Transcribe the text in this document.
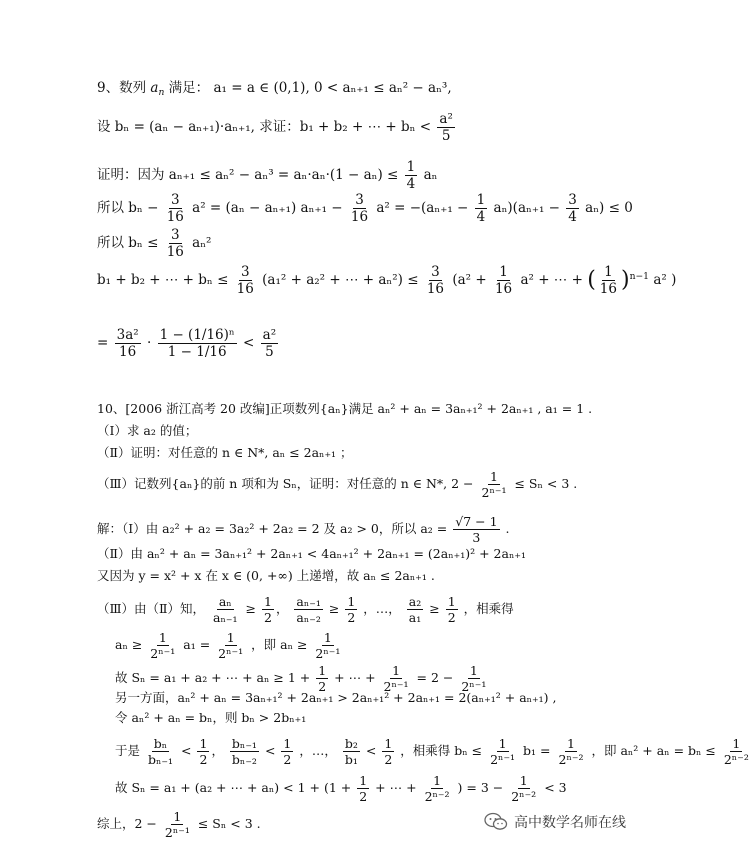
9、数列 $a_n$ 满足： a₁ = a ∈ (0,1), 0 < aₙ₊₁ ≤ aₙ² − aₙ³,
设 bₙ = (aₙ − aₙ₊₁)·aₙ₊₁, 求证：b₁ + b₂ + ⋯ + $b_n < \frac{\text{a²}}{5}$
证明：因为 $a_{n+1} \le a_n^2 - a_n^3 = a_n\cdot a_n\cdot(1 - a_n) \le \frac{1}{4}$ aₙ
所以 $b_n - \frac{3}{16} a^2 = (a_n - a_{n+1}) a_{n+1} - \frac{3}{16} a^2 = -(a_{n+1} - \frac{1}{4} a_n)(a_{n+1} - \frac{3}{4} a_n) \le 0$
所以 $b_n \le \frac{3}{16} a_n^2$
b₁ + b₂ + ⋯ + $b_n \le \frac{3}{16} (a_1^2 + a_2^2$ + ⋯ + $a_n^2) \le \frac{3}{16} (a^2 + \frac{1}{16} a^2$ + ⋯ + ( $\frac{1}{16} )^{n-1}$ a² )
= $\frac{\text{3a²}}{16} \cdot \frac{\text{1 − (1/16)ⁿ}}{1 - 1/16} < \frac{\text{a²}}{5}$
10、[2006 浙江高考 20 改编]正项数列{aₙ}满足 aₙ² + aₙ = 3aₙ₊₁² + 2aₙ₊₁ , a₁ = 1 .
（Ⅰ）求 a₂ 的值；
（Ⅱ）证明：对任意的 n ∈ N*, aₙ ≤ 2aₙ₊₁ ；
（Ⅲ）记数列{aₙ}的前 n 项和为 Sₙ，证明：对任意的 n ∈ N*, $2 - \frac{1}{\text{2ⁿ⁻¹}} \le S_n < 3$ .
解：（Ⅰ）由 a₂² + a₂ = 3a₂² + 2a₂ = 2 及 a₂ > 0，所以 $a_2 = \frac{√7 - 1}{3}$ .
（Ⅱ）由 aₙ² + aₙ = 3aₙ₊₁² + 2aₙ₊₁ < 4aₙ₊₁² + 2aₙ₊₁ = (2aₙ₊₁)² + 2aₙ₊₁
又因为 y = x² + x 在 x ∈ (0, +∞) 上递增，故 aₙ ≤ 2aₙ₊₁ .
（Ⅲ）由（Ⅱ）知， $\frac{\text{aₙ}}{\text{aₙ₋₁}} \ge \frac{1}{2}$ ， $\frac{\text{aₙ₋₁}}{\text{aₙ₋₂}} \ge \frac{1}{2}$ ，…， $\frac{\text{a₂}}{\text{a₁}} \ge \frac{1}{2}$ ，相乘得
$a_n \ge \frac{1}{\text{2ⁿ⁻¹}} a_1 = \frac{1}{\text{2ⁿ⁻¹}}$ ，即 $a_n \ge \frac{1}{\text{2ⁿ⁻¹}}$
故 Sₙ = a₁ + a₂ + ⋯ + $a_n \ge 1 + \frac{1}{2}$ + ⋯ + $\frac{1}{\text{2ⁿ⁻¹}} = 2 - \frac{1}{\text{2ⁿ⁻¹}}$
另一方面，aₙ² + aₙ = 3aₙ₊₁² + 2aₙ₊₁ > 2aₙ₊₁² + 2aₙ₊₁ = 2(aₙ₊₁² + aₙ₊₁) ,
令 aₙ² + aₙ = bₙ，则 bₙ > 2bₙ₊₁
于是 $\frac{\text{bₙ}}{\text{bₙ₋₁}} < \frac{1}{2}$ ， $\frac{\text{bₙ₋₁}}{\text{bₙ₋₂}} < \frac{1}{2}$ ，…， $\frac{\text{b₂}}{\text{b₁}} < \frac{1}{2}$ ，相乘得 $b_n \le \frac{1}{\text{2ⁿ⁻¹}} b_1 = \frac{1}{\text{2ⁿ⁻²}}$ ，即 $a_n^2 + a_n = b_n \le \frac{1}{\text{2ⁿ⁻²}}$
故 Sₙ = a₁ + (a₂ + ⋯ + $a_n) < 1 + (1 + \frac{1}{2}$ + ⋯ + $\frac{1}{\text{2ⁿ⁻²}}$ ) = $3 - \frac{1}{\text{2ⁿ⁻²}} < 3$
综上，$2 - \frac{1}{\text{2ⁿ⁻¹}} \le S_n < 3$ .	高中数学名师在线
